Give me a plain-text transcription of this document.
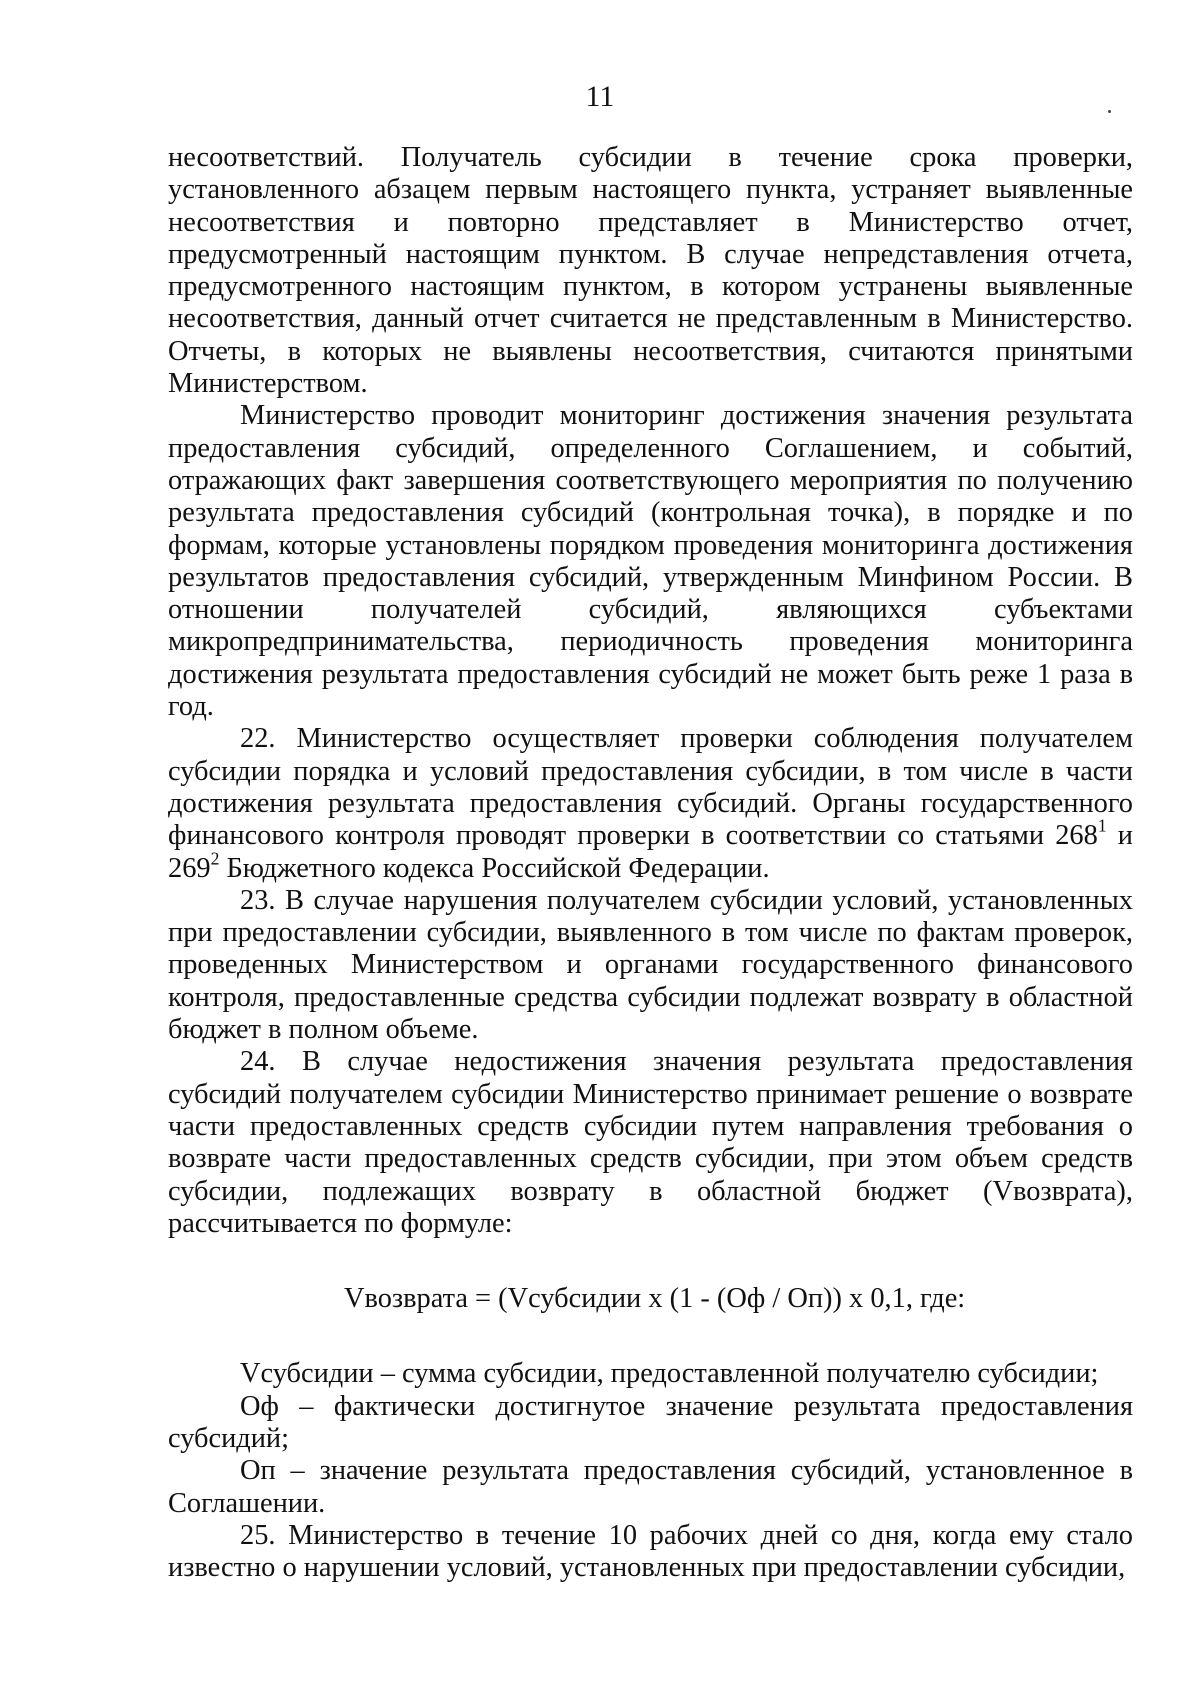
11

несоответствий. Получатель субсидии в течение срока проверки, установленного абзацем первым настоящего пункта, устраняет выявленные несоответствия и повторно представляет в Министерство отчет, предусмотренный настоящим пунктом. В случае непредставления отчета, предусмотренного настоящим пунктом, в котором устранены выявленные несоответствия, данный отчет считается не представленным в Министерство. Отчеты, в которых не выявлены несоответствия, считаются принятыми Министерством.

Министерство проводит мониторинг достижения значения результата предоставления субсидий, определенного Соглашением, и событий, отражающих факт завершения соответствующего мероприятия по получению результата предоставления субсидий (контрольная точка), в порядке и по формам, которые установлены порядком проведения мониторинга достижения результатов предоставления субсидий, утвержденным Минфином России. В отношении получателей субсидий, являющихся субъектами микропредпринимательства, периодичность проведения мониторинга достижения результата предоставления субсидий не может быть реже 1 раза в год.

22. Министерство осуществляет проверки соблюдения получателем субсидии порядка и условий предоставления субсидии, в том числе в части достижения результата предоставления субсидий. Органы государственного финансового контроля проводят проверки в соответствии со статьями $268^1$ и $269^2$ Бюджетного кодекса Российской Федерации.

23. В случае нарушения получателем субсидии условий, установленных при предоставлении субсидии, выявленного в том числе по фактам проверок, проведенных Министерством и органами государственного финансового контроля, предоставленные средства субсидии подлежат возврату в областной бюджет в полном объеме.

24. В случае недостижения значения результата предоставления субсидий получателем субсидии Министерство принимает решение о возврате части предоставленных средств субсидии путем направления требования о возврате части предоставленных средств субсидии, при этом объем средств субсидии, подлежащих возврату в областной бюджет (Vвозврата), рассчитывается по формуле:

Vвозврата = (Vсубсидии х (1 - (Оф / Оп)) х 0,1, где:

Vсубсидии – сумма субсидии, предоставленной получателю субсидии;

Оф – фактически достигнутое значение результата предоставления субсидий;

Оп – значение результата предоставления субсидий, установленное в Соглашении.

25. Министерство в течение 10 рабочих дней со дня, когда ему стало известно о нарушении условий, установленных при предоставлении субсидии,
